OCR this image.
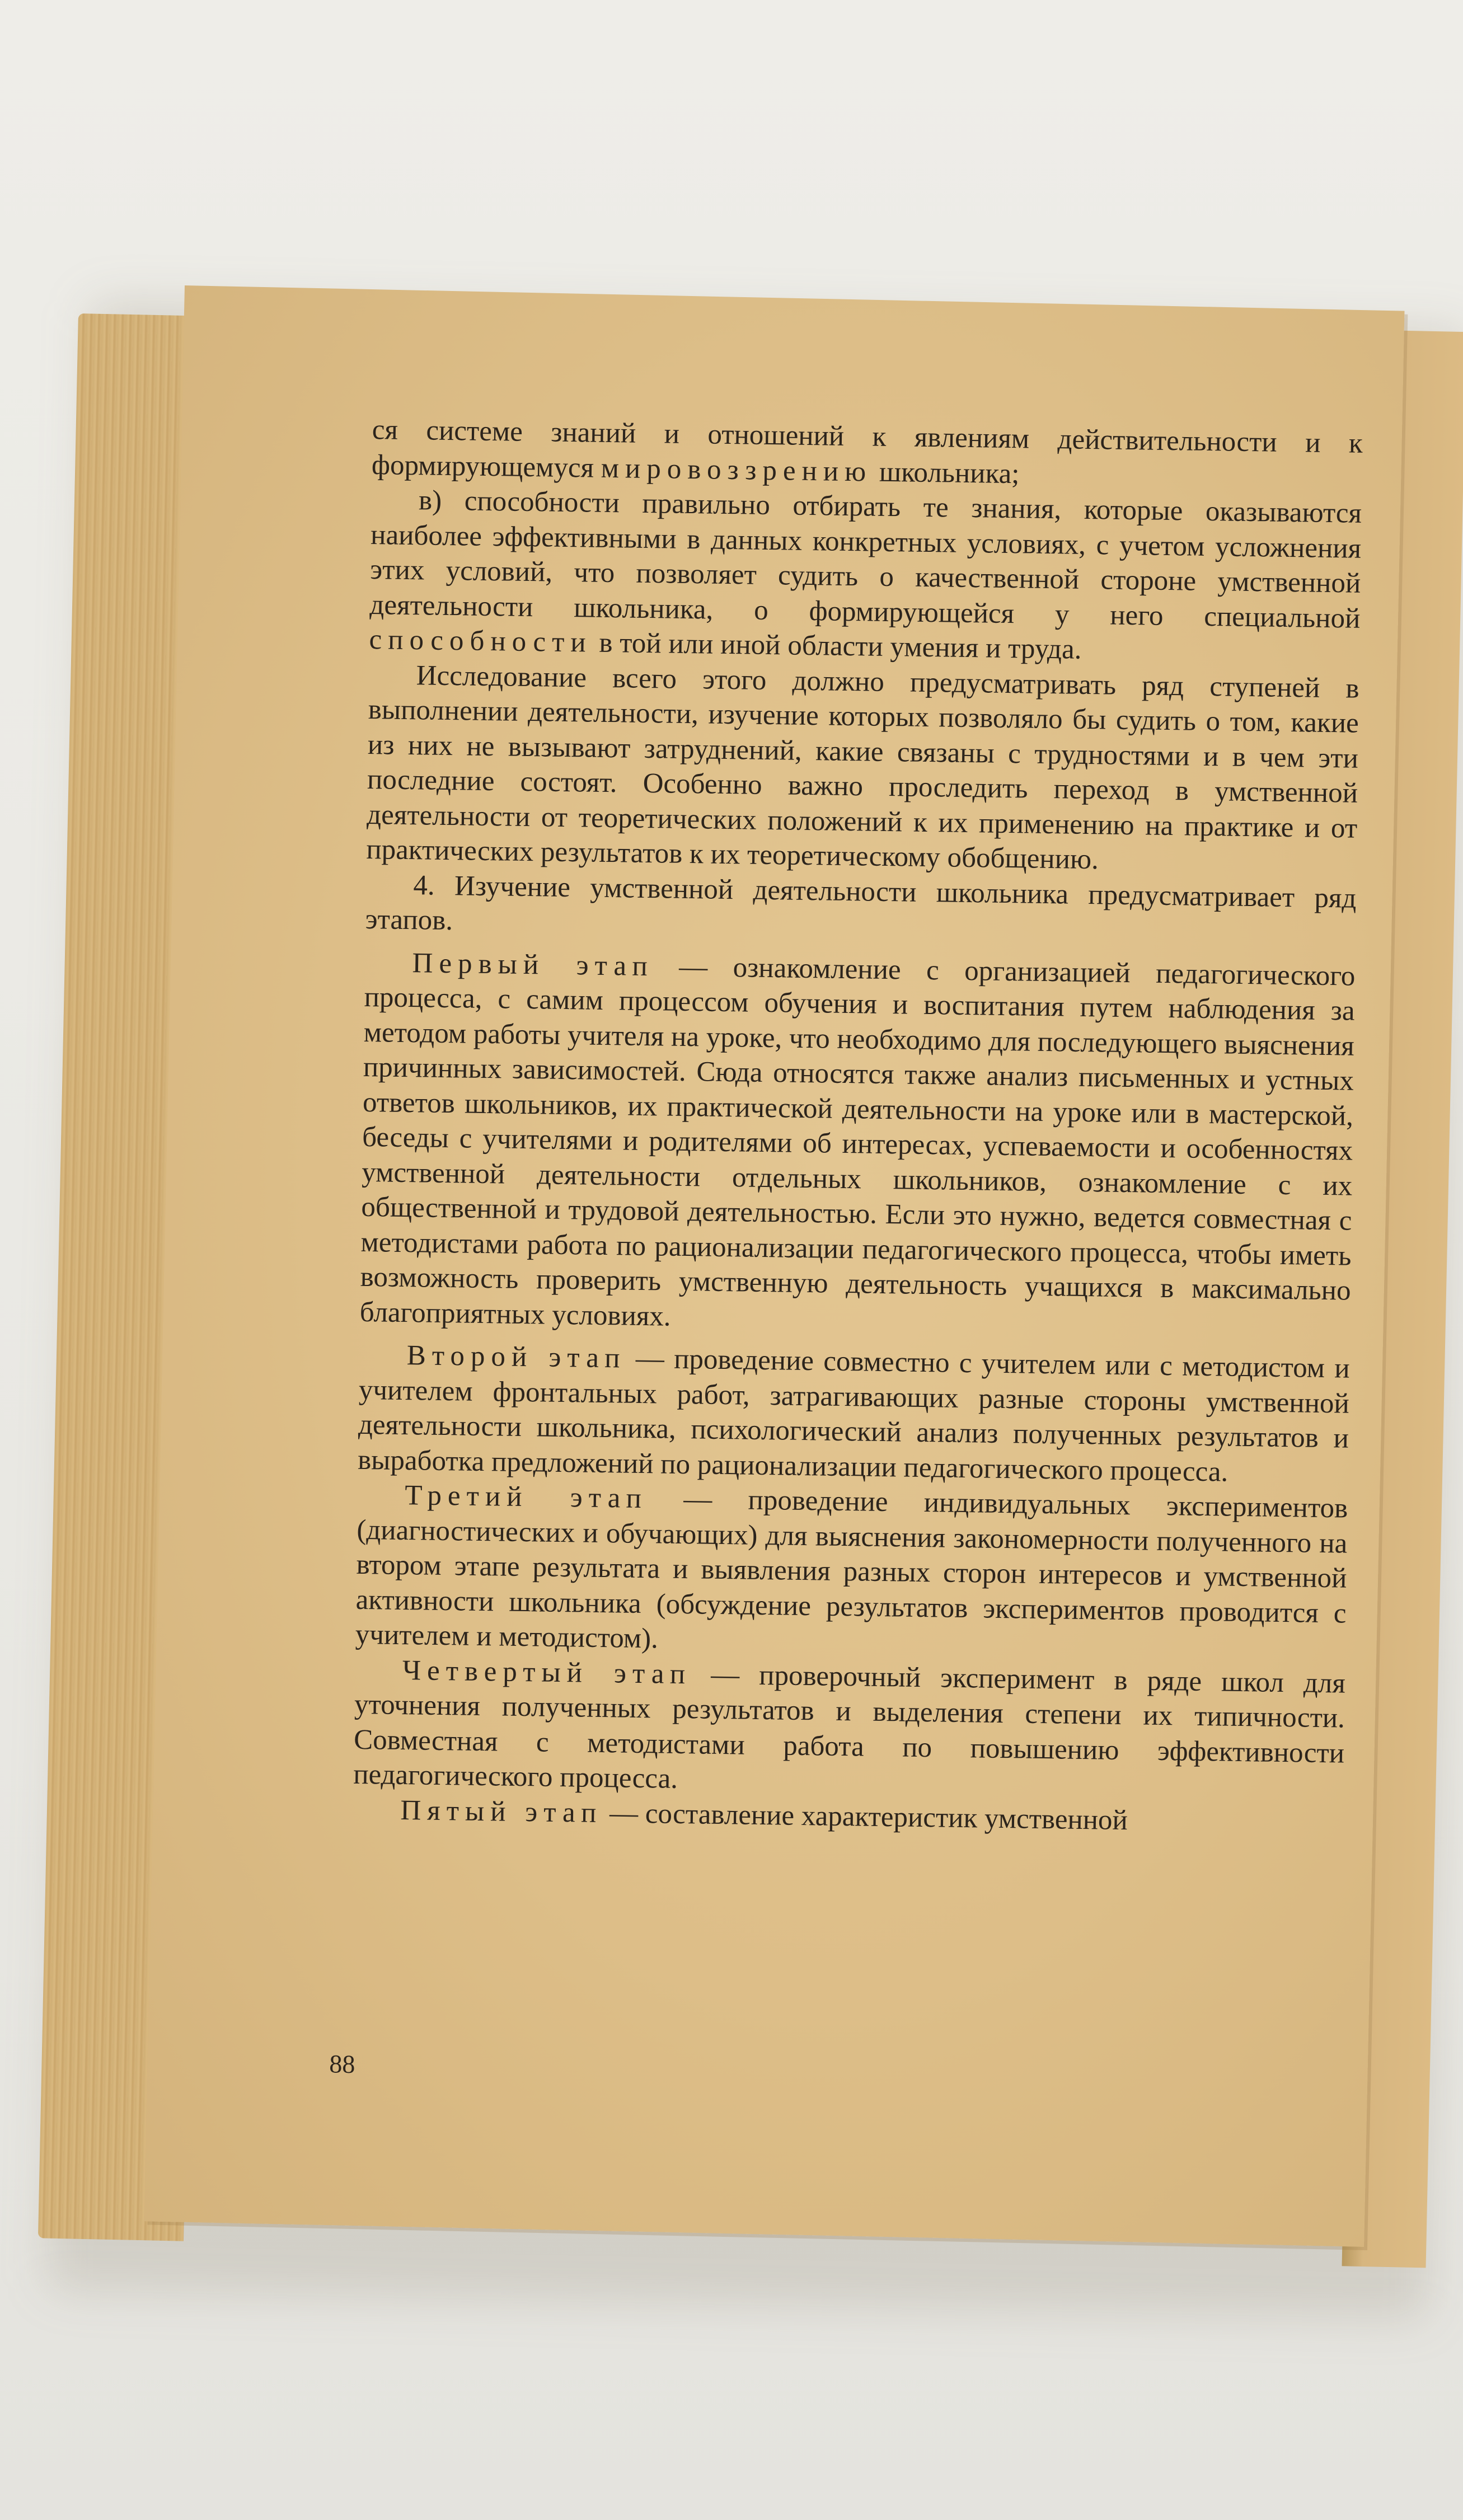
ся системе знаний и отношений к явлениям действительности и к формирующемуся мировоззрению школьника;

в) способности правильно отбирать те знания, которые оказываются наиболее эффективными в данных конкретных условиях, с учетом усложнения этих условий, что позволяет судить о качественной стороне умственной деятельности школьника, о формирующейся у него специальной способности в той или иной области умения и труда.

Исследование всего этого должно предусматривать ряд ступеней в выполнении деятельности, изучение которых позволяло бы судить о том, какие из них не вызывают затруднений, какие связаны с трудностями и в чем эти последние состоят. Особенно важно проследить переход в умственной деятельности от теоретических положений к их применению на практике и от практических результатов к их теоретическому обобщению.

4. Изучение умственной деятельности школьника предусматривает ряд этапов.

Первый этап — ознакомление с организацией педагогического процесса, с самим процессом обучения и воспитания путем наблюдения за методом работы учителя на уроке, что необходимо для последующего выяснения причинных зависимостей. Сюда относятся также анализ письменных и устных ответов школьников, их практической деятельности на уроке или в мастерской, беседы с учителями и родителями об интересах, успеваемости и особенностях умственной деятельности отдельных школьников, ознакомление с их общественной и трудовой деятельностью. Если это нужно, ведется совместная с методистами работа по рационализации педагогического процесса, чтобы иметь возможность проверить умственную деятельность учащихся в максимально благоприятных условиях.

Второй этап — проведение совместно с учителем или с методистом и учителем фронтальных работ, затрагивающих разные стороны умственной деятельности школьника, психологический анализ полученных результатов и выработка предложений по рационализации педагогического процесса.

Третий этап — проведение индивидуальных экспериментов (диагностических и обучающих) для выяснения закономерности полученного на втором этапе результата и выявления разных сторон интересов и умственной активности школьника (обсуждение результатов экспериментов проводится с учителем и методистом).

Четвертый этап — проверочный эксперимент в ряде школ для уточнения полученных результатов и выделения степени их типичности. Совместная с методистами работа по повышению эффективности педагогического процесса.

Пятый этап — составление характеристик умственной

88
